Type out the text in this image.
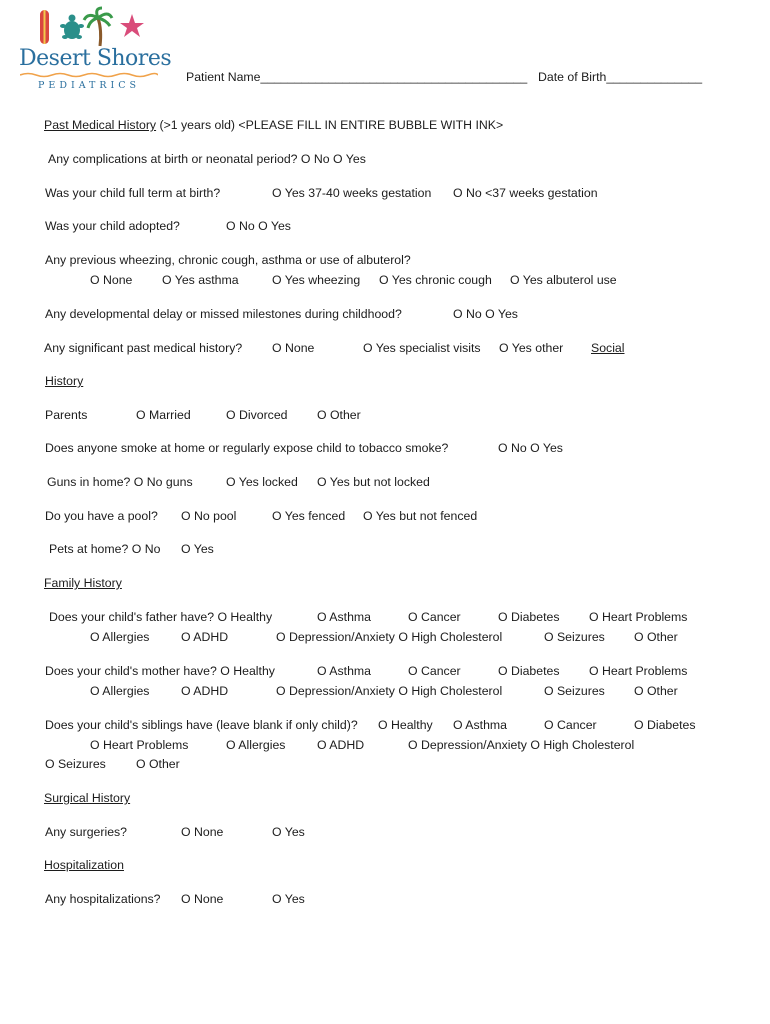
Desert Shores
PEDIATRICS
Patient Name_______________________________________ Date of Birth______________
Past Medical History (>1 years old) <PLEASE FILL IN ENTIRE BUBBLE WITH INK>
Any complications at birth or neonatal period? O No O Yes
Was your child full term at birth?	O Yes 37-40 weeks gestation O No <37 weeks gestation
Was your child adopted?	O No O Yes
Any previous wheezing, chronic cough, asthma or use of albuterol?
O None O Yes asthma	O Yes wheezing O Yes chronic cough O Yes albuterol use
Any developmental delay or missed milestones during childhood?	O No O Yes
Any significant past medical history? O None	O Yes specialist visits O Yes other Social
History
Parents	O Married	O Divorced O Other
Does anyone smoke at home or regularly expose child to tobacco smoke?	O No O Yes
Guns in home? O No guns	O Yes locked O Yes but not locked
Do you have a pool? O No pool	O Yes fenced O Yes but not fenced
Pets at home? O No O Yes
Family History
Does your child's father have? O Healthy	O Asthma	O Cancer	O Diabetes O Heart Problems
O Allergies	O ADHD	O Depression/Anxiety O High Cholesterol	O Seizures O Other
Does your child's mother have? O Healthy	O Asthma	O Cancer	O Diabetes O Heart Problems
O Allergies	O ADHD	O Depression/Anxiety O High Cholesterol	O Seizures O Other
Does your child's siblings have (leave blank if only child)? O Healthy O Asthma	O Cancer	O Diabetes
O Heart Problems	O Allergies	O ADHD	O Depression/Anxiety O High Cholesterol
O Seizures O Other
Surgical History
Any surgeries?	O None	O Yes
Hospitalization
Any hospitalizations? O None	O Yes
